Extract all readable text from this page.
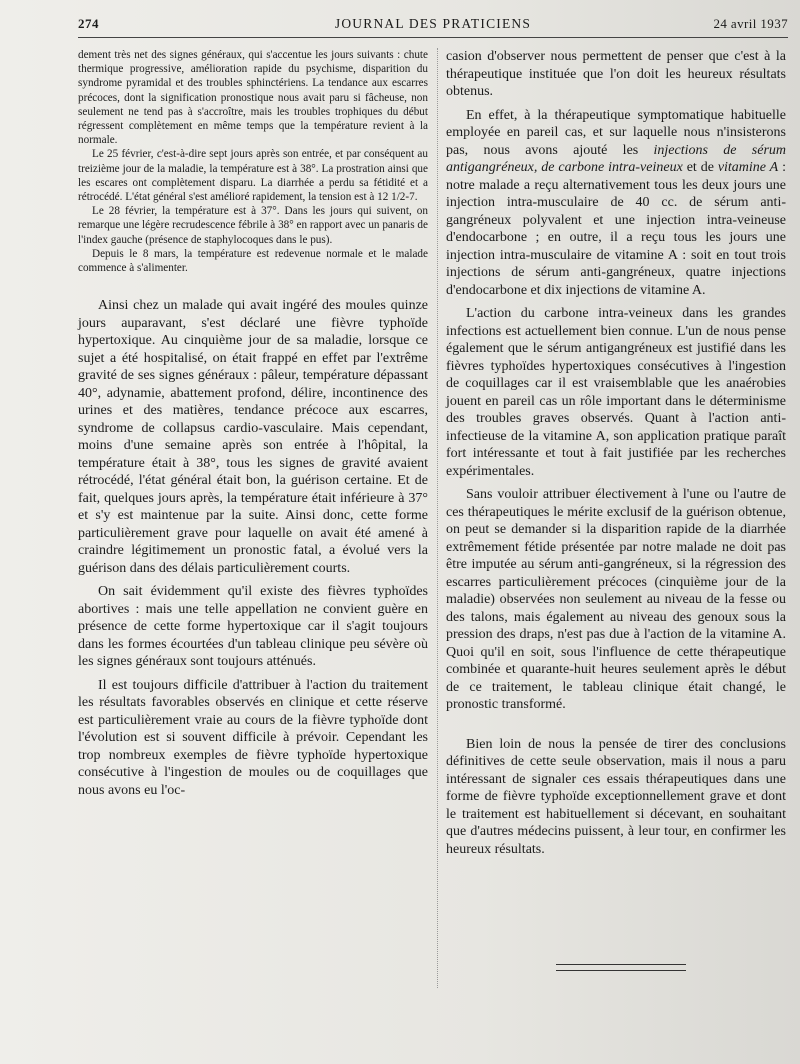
274	JOURNAL DES PRATICIENS	24 avril 1937

dement très net des signes généraux, qui s'accentue les jours suivants : chute thermique progressive, amélioration rapide du psychisme, disparition du syndrome pyramidal et des troubles sphinctériens. La tendance aux escarres précoces, dont la signification pronostique nous avait paru si fâcheuse, non seulement ne tend pas à s'accroître, mais les troubles trophiques du début régressent complètement en même temps que la température revient à la normale.

Le 25 février, c'est-à-dire sept jours après son entrée, et par conséquent au treizième jour de la maladie, la température est à 38°. La prostration ainsi que les escares ont complètement disparu. La diarrhée a perdu sa fétidité et a rétrocédé. L'état général s'est amélioré rapidement, la tension est à 12 1/2-7.

Le 28 février, la température est à 37°. Dans les jours qui suivent, on remarque une légère recrudescence fébrile à 38° en rapport avec un panaris de l'index gauche (présence de staphylocoques dans le pus).

Depuis le 8 mars, la température est redevenue normale et le malade commence à s'alimenter.

Ainsi chez un malade qui avait ingéré des moules quinze jours auparavant, s'est déclaré une fièvre typhoïde hypertoxique. Au cinquième jour de sa maladie, lorsque ce sujet a été hospitalisé, on était frappé en effet par l'extrême gravité de ses signes généraux : pâleur, température dépassant 40°, adynamie, abattement profond, délire, incontinence des urines et des matières, tendance précoce aux escarres, syndrome de collapsus cardio-vasculaire. Mais cependant, moins d'une semaine après son entrée à l'hôpital, la température était à 38°, tous les signes de gravité avaient rétrocédé, l'état général était bon, la guérison certaine. Et de fait, quelques jours après, la température était inférieure à 37° et s'y est maintenue par la suite. Ainsi donc, cette forme particulièrement grave pour laquelle on avait été amené à craindre légitimement un pronostic fatal, a évolué vers la guérison dans des délais particulièrement courts.

On sait évidemment qu'il existe des fièvres typhoïdes abortives : mais une telle appellation ne convient guère en présence de cette forme hypertoxique car il s'agit toujours dans les formes écourtées d'un tableau clinique peu sévère où les signes généraux sont toujours atténués.

Il est toujours difficile d'attribuer à l'action du traitement les résultats favorables observés en clinique et cette réserve est particulièrement vraie au cours de la fièvre typhoïde dont l'évolution est si souvent difficile à prévoir. Cependant les trop nombreux exemples de fièvre typhoïde hypertoxique consécutive à l'ingestion de moules ou de coquillages que nous avons eu l'oc-

casion d'observer nous permettent de penser que c'est à la thérapeutique instituée que l'on doit les heureux résultats obtenus.

En effet, à la thérapeutique symptomatique habituelle employée en pareil cas, et sur laquelle nous n'insisterons pas, nous avons ajouté les injections de sérum antigangréneux, de carbone intra-veineux et de vitamine A : notre malade a reçu alternativement tous les deux jours une injection intra-musculaire de 40 cc. de sérum anti-gangréneux polyvalent et une injection intra-veineuse d'endocarbone ; en outre, il a reçu tous les jours une injection intra-musculaire de vitamine A : soit en tout trois injections de sérum anti-gangréneux, quatre injections d'endocarbone et dix injections de vitamine A.

L'action du carbone intra-veineux dans les grandes infections est actuellement bien connue. L'un de nous pense également que le sérum antigangréneux est justifié dans les fièvres typhoïdes hypertoxiques consécutives à l'ingestion de coquillages car il est vraisemblable que les anaérobies jouent en pareil cas un rôle important dans le déterminisme des troubles graves observés. Quant à l'action anti-infectieuse de la vitamine A, son application pratique paraît fort intéressante et tout à fait justifiée par les recherches expérimentales.

Sans vouloir attribuer électivement à l'une ou l'autre de ces thérapeutiques le mérite exclusif de la guérison obtenue, on peut se demander si la disparition rapide de la diarrhée extrêmement fétide présentée par notre malade ne doit pas être imputée au sérum anti-gangréneux, si la régression des escarres particulièrement précoces (cinquième jour de la maladie) observées non seulement au niveau de la fesse ou des talons, mais également au niveau des genoux sous la pression des draps, n'est pas due à l'action de la vitamine A. Quoi qu'il en soit, sous l'influence de cette thérapeutique combinée et quarante-huit heures seulement après le début de ce traitement, le tableau clinique était changé, le pronostic transformé.

Bien loin de nous la pensée de tirer des conclusions définitives de cette seule observation, mais il nous a paru intéressant de signaler ces essais thérapeutiques dans une forme de fièvre typhoïde exceptionnellement grave et dont le traitement est habituellement si décevant, en souhaitant que d'autres médecins puissent, à leur tour, en confirmer les heureux résultats.
